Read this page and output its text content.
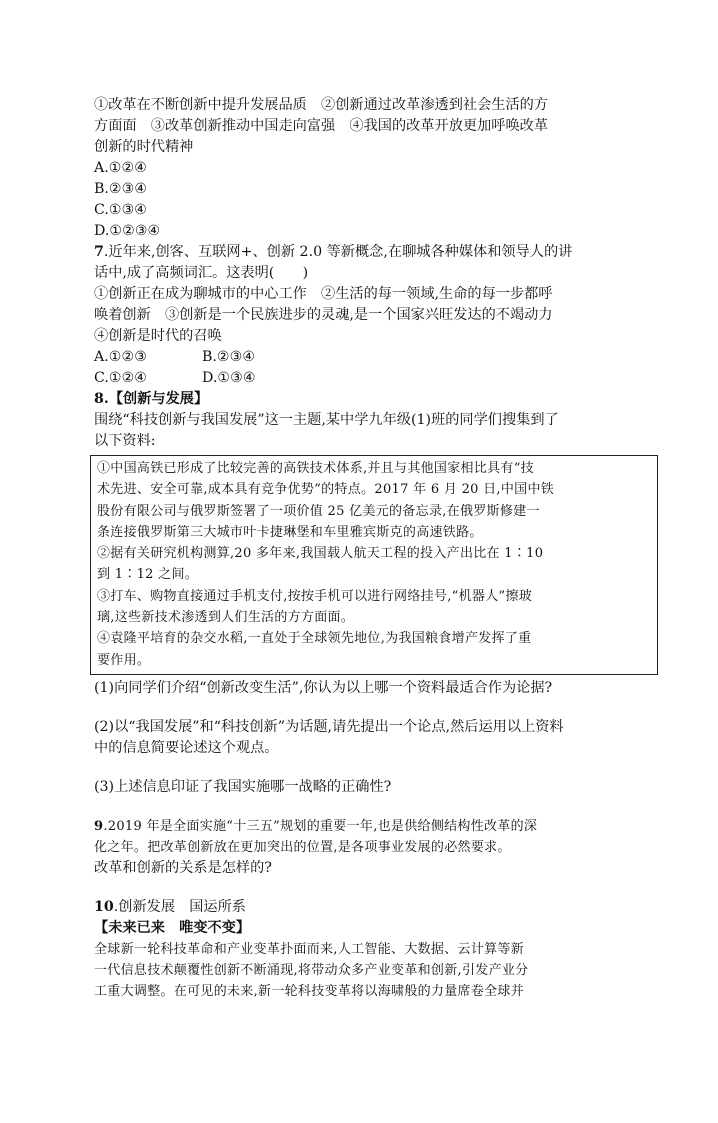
①改革在不断创新中提升发展品质　②创新通过改革渗透到社会生活的方
方面面　③改革创新推动中国走向富强　④我国的改革开放更加呼唤改革
创新的时代精神
A.①②④
B.②③④
C.①③④
D.①②③④
7.近年来,创客、互联网+、创新 2.0 等新概念,在聊城各种媒体和领导人的讲
话中,成了高频词汇。这表明(　　)
①创新正在成为聊城市的中心工作　②生活的每一领域,生命的每一步都呼
唤着创新　③创新是一个民族进步的灵魂,是一个国家兴旺发达的不竭动力
④创新是时代的召唤
A.①②③	B.②③④
C.①②④	D.①③④
8.【创新与发展】
围绕“科技创新与我国发展”这一主题,某中学九年级(1)班的同学们搜集到了
以下资料:
①中国高铁已形成了比较完善的高铁技术体系,并且与其他国家相比具有“技
术先进、安全可靠,成本具有竞争优势”的特点。2017 年 6 月 20 日,中国中铁
股份有限公司与俄罗斯签署了一项价值 25 亿美元的备忘录,在俄罗斯修建一
条连接俄罗斯第三大城市叶卡捷琳堡和车里雅宾斯克的高速铁路。
②据有关研究机构测算,20 多年来,我国载人航天工程的投入产出比在 1∶10
到 1∶12 之间。
③打车、购物直接通过手机支付,按按手机可以进行网络挂号,“机器人”擦玻
璃,这些新技术渗透到人们生活的方方面面。
④袁隆平培育的杂交水稻,一直处于全球领先地位,为我国粮食增产发挥了重
要作用。
(1)向同学们介绍“创新改变生活”,你认为以上哪一个资料最适合作为论据?
(2)以“我国发展”和“科技创新”为话题,请先提出一个论点,然后运用以上资料
中的信息简要论述这个观点。
(3)上述信息印证了我国实施哪一战略的正确性?
9.2019 年是全面实施“十三五”规划的重要一年,也是供给侧结构性改革的深
化之年。把改革创新放在更加突出的位置,是各项事业发展的必然要求。
改革和创新的关系是怎样的?
10.创新发展　国运所系
【未来已来　唯变不变】
全球新一轮科技革命和产业变革扑面而来,人工智能、大数据、云计算等新
一代信息技术颠覆性创新不断涌现,将带动众多产业变革和创新,引发产业分
工重大调整。在可见的未来,新一轮科技变革将以海啸般的力量席卷全球并
